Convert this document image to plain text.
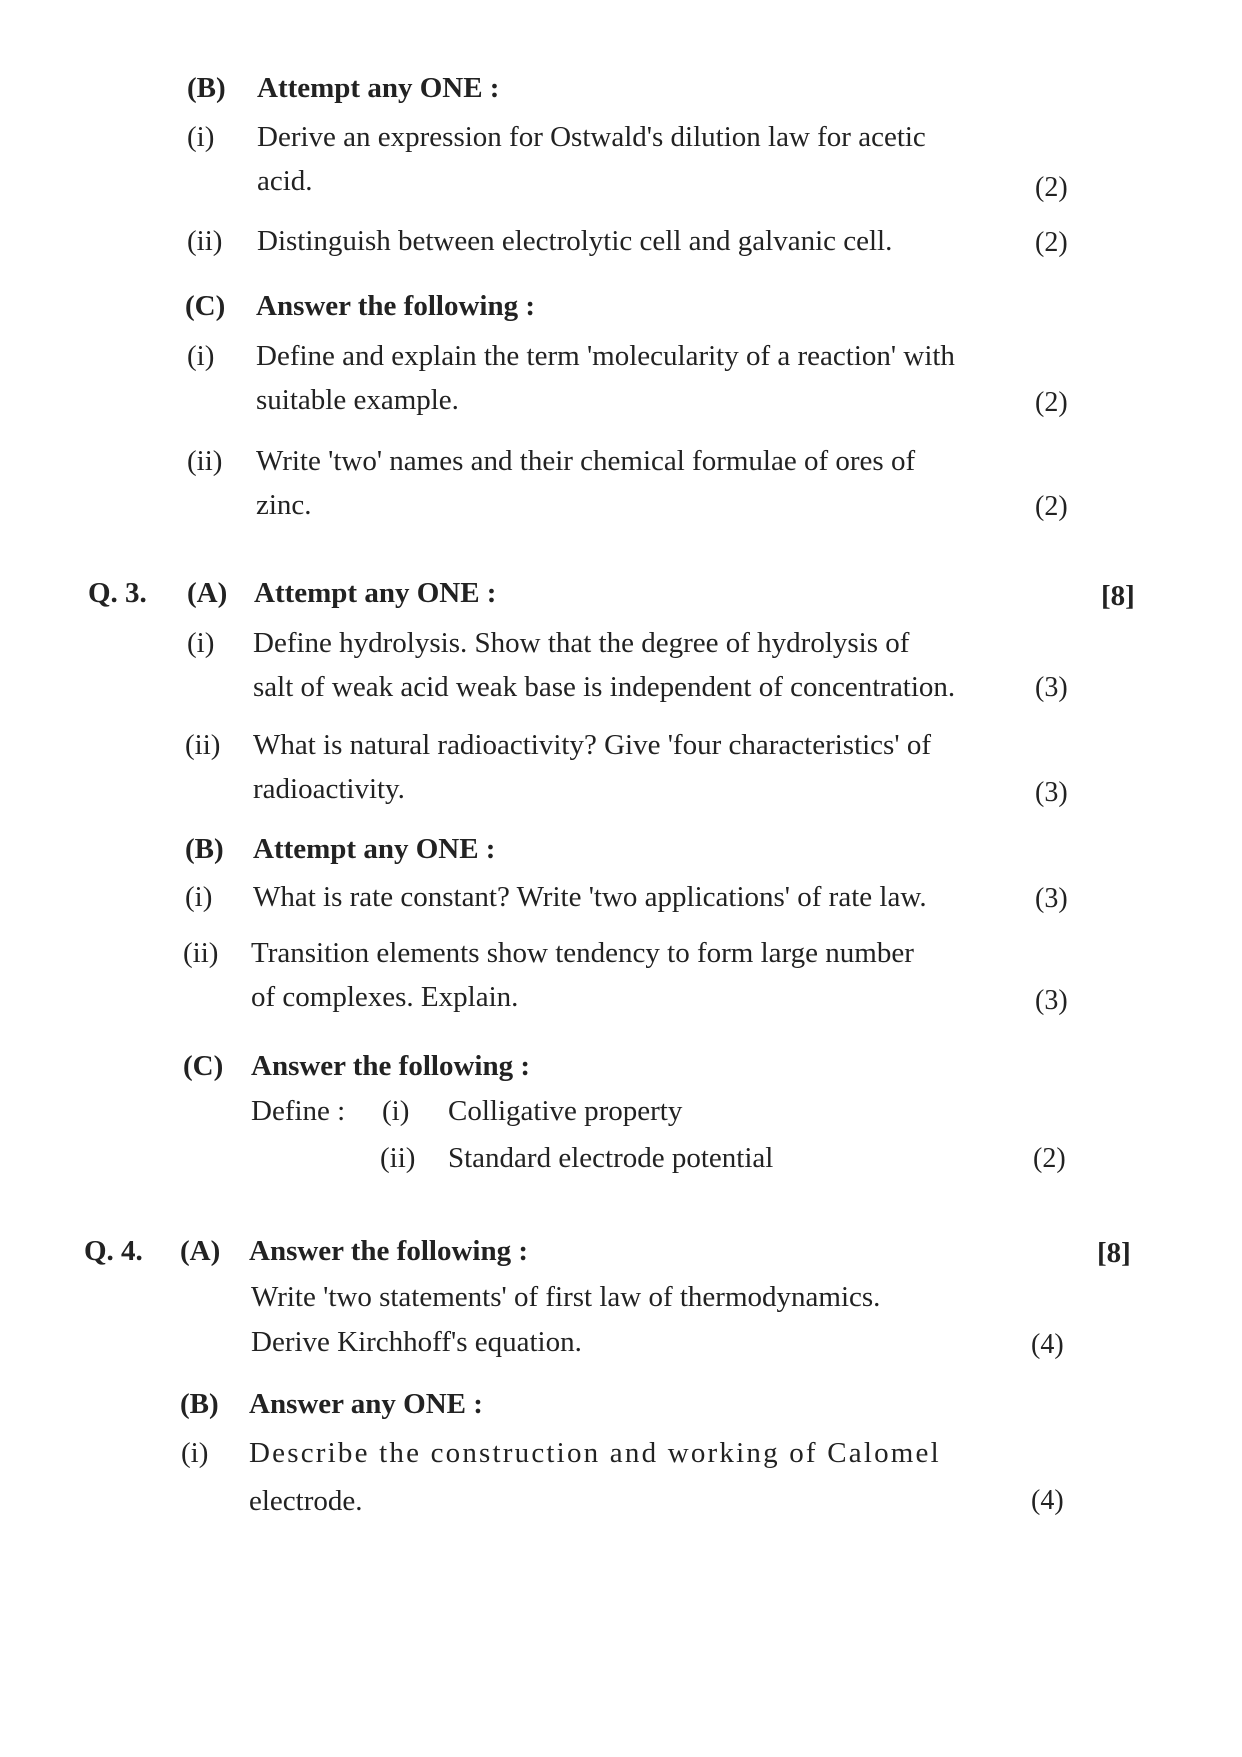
(B) Attempt any ONE :
(i) Derive an expression for Ostwald's dilution law for acetic
acid.	(2)
(ii) Distinguish between electrolytic cell and galvanic cell.	(2)
(C) Answer the following :
(i) Define and explain the term 'molecularity of a reaction' with
suitable example.	(2)
(ii) Write 'two' names and their chemical formulae of ores of
zinc.	(2)
Q. 3. (A) Attempt any ONE :	[8]
(i) Define hydrolysis. Show that the degree of hydrolysis of
salt of weak acid weak base is independent of concentration.	(3)
(ii) What is natural radioactivity? Give 'four characteristics' of
radioactivity.	(3)
(B) Attempt any ONE :
(i) What is rate constant? Write 'two applications' of rate law.	(3)
(ii) Transition elements show tendency to form large number
of complexes. Explain.	(3)
(C) Answer the following :
Define : (i) Colligative property
(ii) Standard electrode potential	(2)
Q. 4. (A) Answer the following :	[8]
Write 'two statements' of first law of thermodynamics.
Derive Kirchhoff's equation.	(4)
(B) Answer any ONE :
(i) Describe the construction and working of Calomel
electrode.	(4)
